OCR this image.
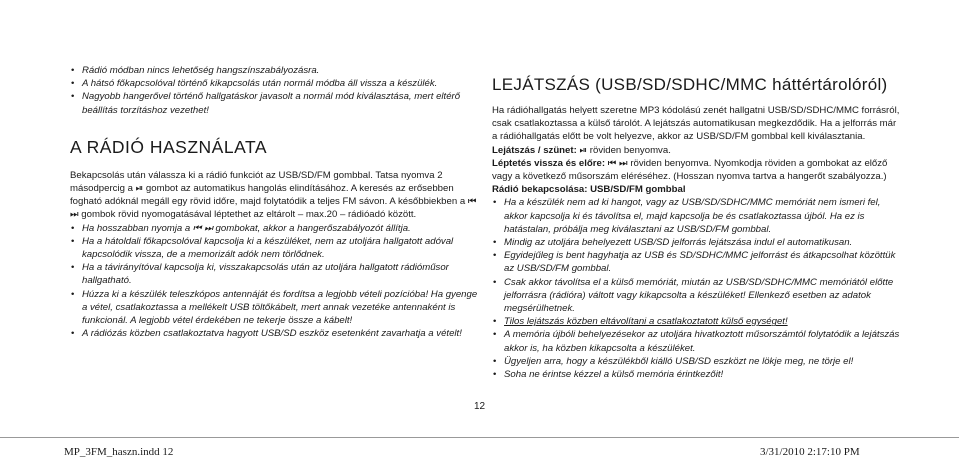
• Rádió módban nincs lehetőség hangszínszabályozásra.
• A hátsó főkapcsolóval történő kikapcsolás után normál módba áll vissza a készülék.
• Nagyobb hangerővel történő hallgatáskor javasolt a normál mód kiválasztása, mert eltérő beállítás torzításhoz vezethet!
A RÁDIÓ HASZNÁLATA

Bekapcsolás után válassza ki a rádió funkciót az USB/SD/FM gombbal. Tatsa nyomva 2 másodpercig a ⏯ gombot az automatikus hangolás elindításához. A keresés az erősebben fogható adóknál megáll egy rövid időre, majd folytatódik a teljes FM sávon. A későbbiekben a ⏮ ⏭ gombok rövid nyomogatásával léptethet az eltárolt – max.20 – rádióadó között.

• Ha hosszabban nyomja a ⏮ ⏭ gombokat, akkor a hangerőszabályozót állítja.
• Ha a hátoldali főkapcsolóval kapcsolja ki a készüléket, nem az utoljára hallgatott adóval kapcsolódik vissza, de a memorizált adók nem törlődnek.
• Ha a távirányítóval kapcsolja ki, visszakapcsolás után az utoljára hallgatott rádióműsor hallgatható.
• Húzza ki a készülék teleszkópos antennáját és fordítsa a legjobb vételi pozícióba! Ha gyenge a vétel, csatlakoztassa a mellékelt USB töltőkábelt, mert annak vezetéke antennaként is funkcionál. A legjobb vétel érdekében ne tekerje össze a kábelt!
• A rádiózás közben csatlakoztatva hagyott USB/SD eszköz esetenként zavarhatja a vételt!
LEJÁTSZÁS (USB/SD/SDHC/MMC háttértárolóról)

Ha rádióhallgatás helyett szeretne MP3 kódolású zenét hallgatni USB/SD/SDHC/MMC forrásról, csak csatlakoztassa a külső tárolót. A lejátszás automatikusan megkezdődik. Ha a jelforrás már a rádióhallgatás előtt be volt helyezve, akkor az USB/SD/FM gombbal kell kiválasztania.

Lejátszás / szünet: ⏯ röviden benyomva.

Léptetés vissza és előre: ⏮ ⏭ röviden benyomva. Nyomkodja röviden a gombokat az előző vagy a következő műsorszám eléréséhez. (Hosszan nyomva tartva a hangerőt szabályozza.)

Rádió bekapcsolása: USB/SD/FM gombbal

• Ha a készülék nem ad ki hangot, vagy az USB/SD/SDHC/MMC memóriát nem ismeri fel, akkor kapcsolja ki és távolítsa el, majd kapcsolja be és csatlakoztassa újból. Ha ez is hatástalan, próbálja meg kiválasztani az USB/SD/FM gombbal.
• Mindig az utoljára behelyezett USB/SD jelforrás lejátszása indul el automatikusan.
• Egyidejűleg is bent hagyhatja az USB és SD/SDHC/MMC jelforrást és átkapcsolhat közöttük az USB/SD/FM gombbal.
• Csak akkor távolítsa el a külső memóriát, miután az USB/SD/SDHC/MMC memóriától előtte jelforrásra (rádióra) váltott vagy kikapcsolta a készüléket! Ellenkező esetben az adatok megsérülhetnek.
• Tilos lejátszás közben eltávolítani a csatlakoztatott külső egységet!
• A memória újbóli behelyezésekor az utoljára hivatkoztott műsorszámtól folytatódik a lejátszás akkor is, ha közben kikapcsolta a készüléket.
• Ügyeljen arra, hogy a készülékből kiálló USB/SD eszközt ne lökje meg, ne törje el!
• Soha ne érintse kézzel a külső memória érintkezőit!
12
MP_3FM_haszn.indd 12	3/31/2010 2:17:10 PM
